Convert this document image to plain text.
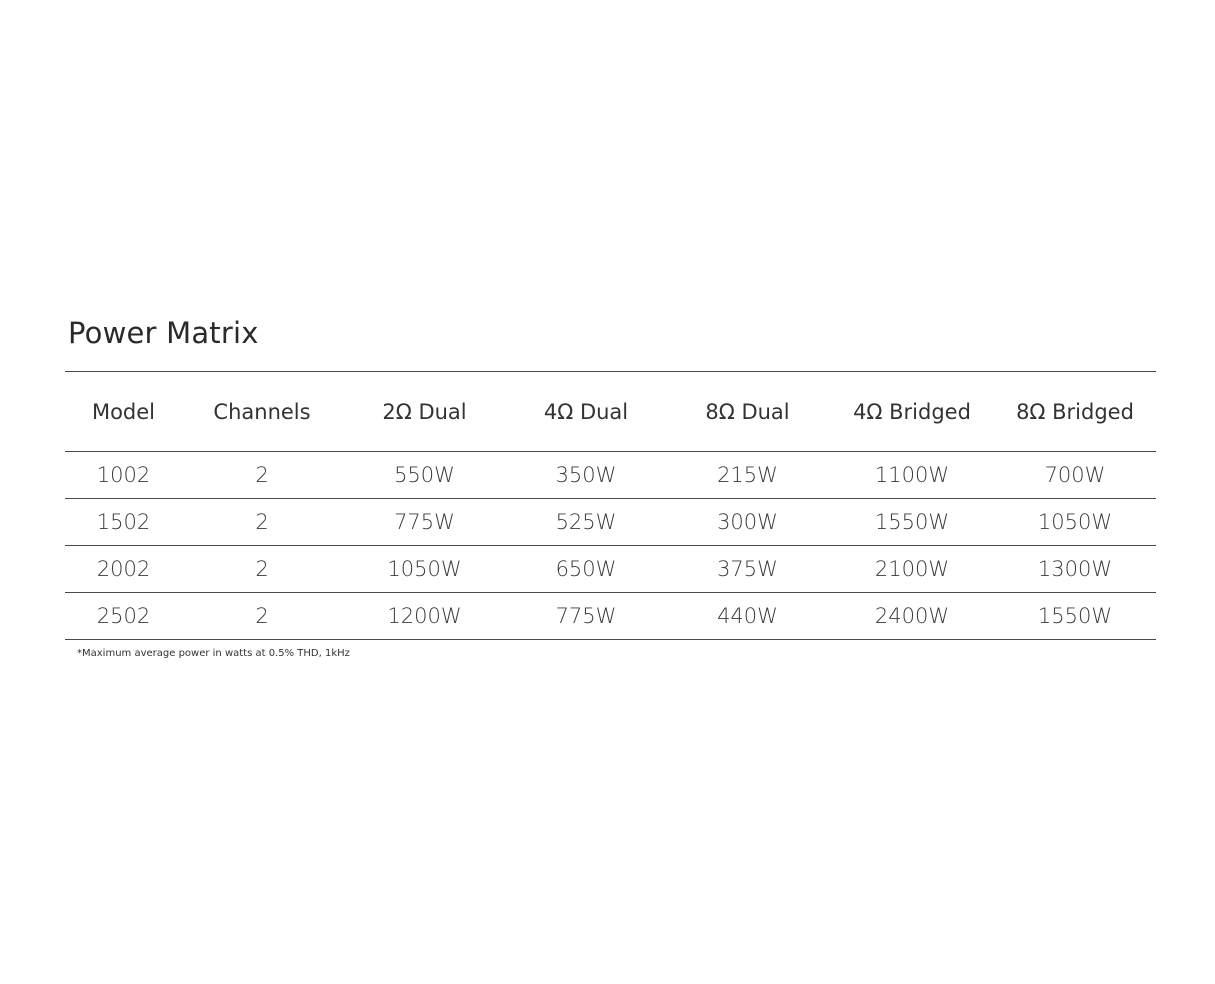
Power Matrix
Model	Channels	2Ω Dual	4Ω Dual	8Ω Dual	4Ω Bridged	8Ω Bridged
1002	2	550W	350W	215W	1100W	700W
1502	2	775W	525W	300W	1550W	1050W
2002	2	1050W	650W	375W	2100W	1300W
2502	2	1200W	775W	440W	2400W	1550W

*Maximum average power in watts at 0.5% THD, 1kHz
